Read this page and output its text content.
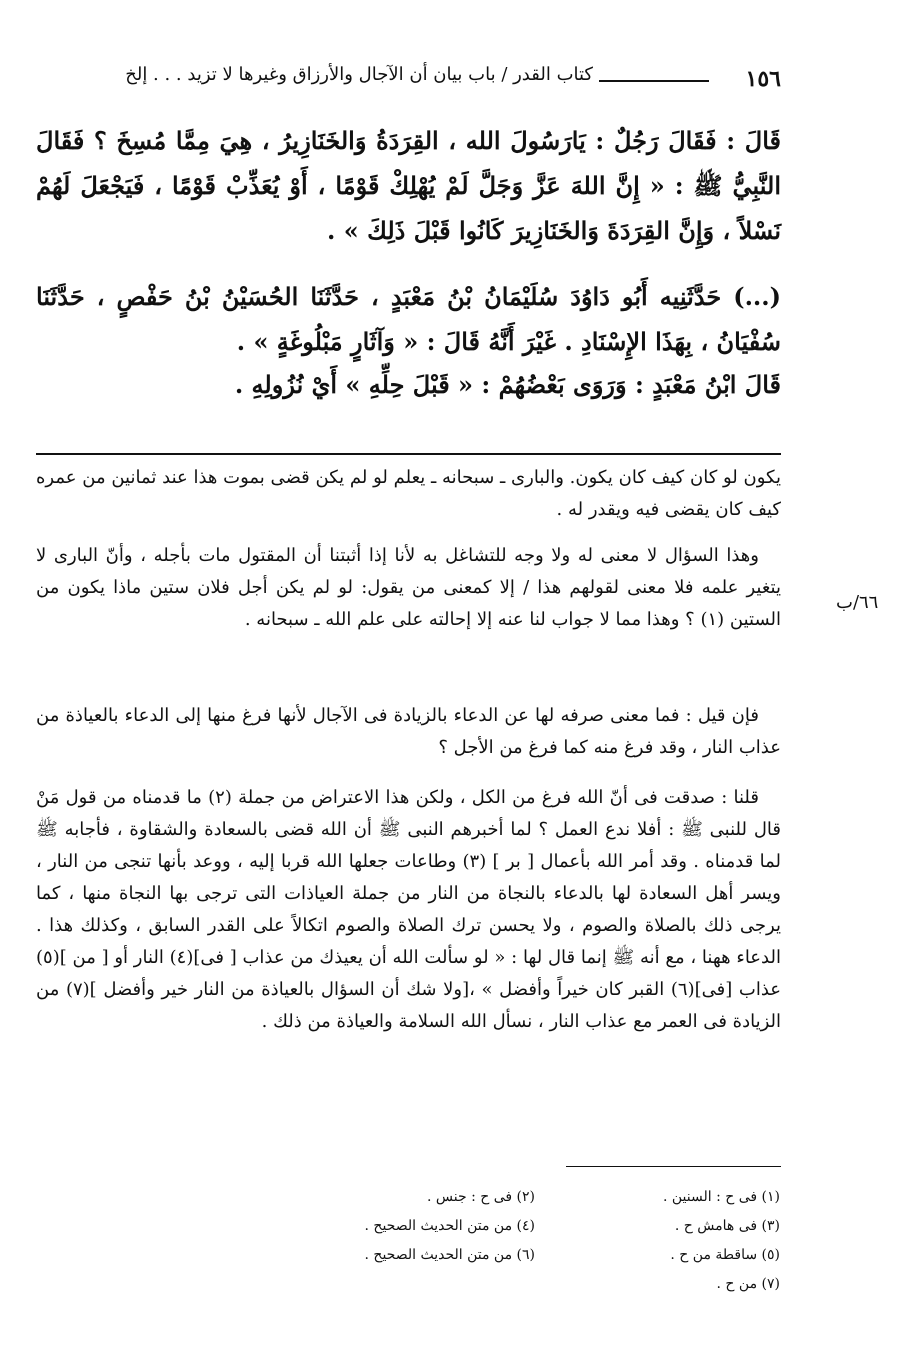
١٥٦
كتاب القدر / باب بيان أن الآجال والأرزاق وغيرها لا تزيد . . . إلخ

قَالَ : فَقَالَ رَجُلٌ : يَارَسُولَ الله ، القِرَدَةُ وَالخَنَازِيرُ ، هِيَ مِمَّا مُسِخَ ؟ فَقَالَ النَّبِيُّ ﷺ : « إِنَّ اللهَ عَزَّ وَجَلَّ لَمْ يُهْلِكْ قَوْمًا ، أَوْ يُعَذِّبْ قَوْمًا ، فَيَجْعَلَ لَهُمْ نَسْلاً ، وَإِنَّ القِرَدَةَ وَالخَنَازِيرَ كَانُوا قَبْلَ ذَلِكَ » .

(...) حَدَّثَنِيه أَبُو دَاوُدَ سُلَيْمَانُ بْنُ مَعْبَدٍ ، حَدَّثَنَا الحُسَيْنُ بْنُ حَفْصٍ ، حَدَّثَنَا سُفْيَانُ ، بِهَذَا الإِسْنَادِ . غَيْرَ أَنَّهُ قَالَ : « وَآثَارٍ مَبْلُوغَةٍ » .

قَالَ ابْنُ مَعْبَدٍ : وَرَوَى بَعْضُهُمْ : « قَبْلَ حِلِّهِ » أَيْ نُزُولِهِ .

يكون لو كان كيف كان يكون. والبارى ـ سبحانه ـ يعلم لو لم يكن قضى بموت هذا عند ثمانين من عمره كيف كان يقضى فيه ويقدر له .

وهذا السؤال لا معنى له ولا وجه للتشاغل به لأنا إذا أثبتنا أن المقتول مات بأجله ، وأنّ البارى لا يتغير علمه فلا معنى لقولهم هذا / إلا كمعنى من يقول: لو لم يكن أجل فلان ستين ماذا يكون من الستين (١) ؟ وهذا مما لا جواب لنا عنه إلا إحالته على علم الله ـ سبحانه .

فإن قيل : فما معنى صرفه لها عن الدعاء بالزيادة فى الآجال لأنها فرغ منها إلى الدعاء بالعياذة من عذاب النار ، وقد فرغ منه كما فرغ من الأجل ؟

قلنا : صدقت فى أنّ الله فرغ من الكل ، ولكن هذا الاعتراض من جملة (٢) ما قدمناه من قول مَنْ قال للنبى ﷺ : أفلا ندع العمل ؟ لما أخبرهم النبى ﷺ أن الله قضى بالسعادة والشقاوة ، فأجابه ﷺ لما قدمناه . وقد أمر الله بأعمال [ بر ] (٣) وطاعات جعلها الله قربا إليه ، ووعد بأنها تنجى من النار ، ويسر أهل السعادة لها بالدعاء بالنجاة من النار من جملة العياذات التى ترجى بها النجاة منها ، كما يرجى ذلك بالصلاة والصوم ، ولا يحسن ترك الصلاة والصوم اتكالاً على القدر السابق ، وكذلك هذا . الدعاء ههنا ، مع أنه ﷺ إنما قال لها : « لو سألت الله أن يعيذك من عذاب [ فى](٤) النار أو [ من ](٥) عذاب [فى](٦) القبر كان خيراً وأفضل » ،[ولا شك أن السؤال بالعياذة من النار خير وأفضل ](٧) من الزيادة فى العمر مع عذاب النار ، نسأل الله السلامة والعياذة من ذلك .

٦٦/ب
(١) فى ح : السنين .
(٢) فى ح : جنس .
(٣) فى هامش ح .
(٤) من متن الحديث الصحيح .
(٥) ساقطة من ح .
(٦) من متن الحديث الصحيح .
(٧) من ح .
